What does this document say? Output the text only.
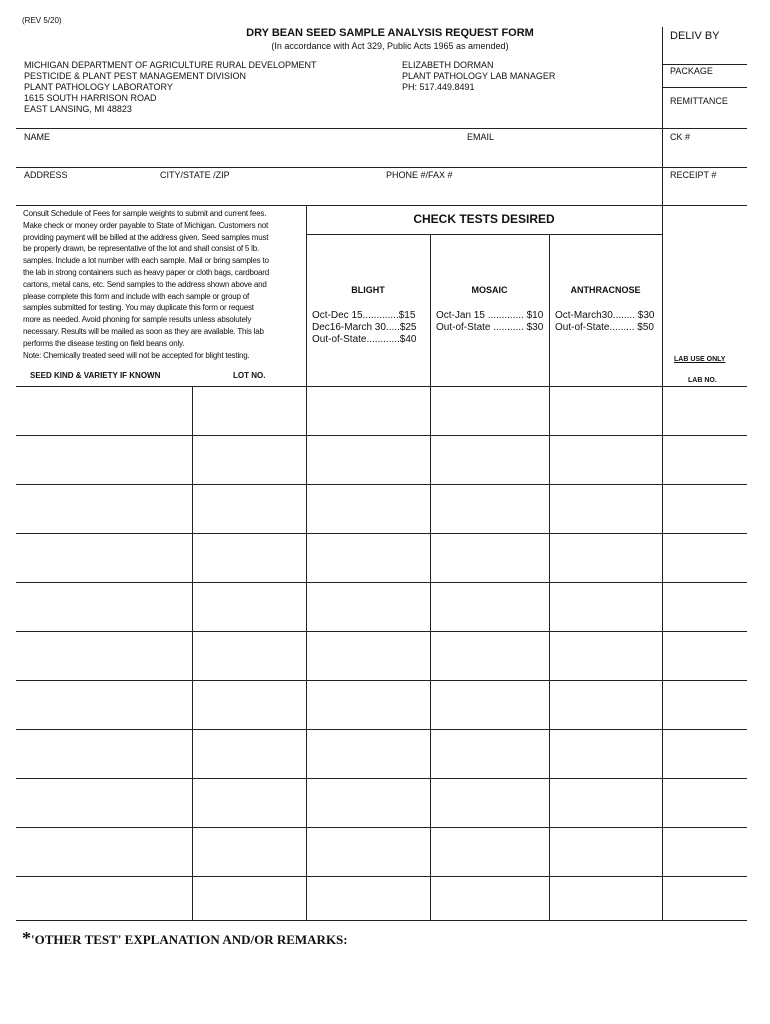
(REV 5/20)
DRY BEAN SEED SAMPLE ANALYSIS REQUEST FORM
(In accordance with Act 329, Public Acts 1965 as amended)
MICHIGAN DEPARTMENT OF AGRICULTURE RURAL DEVELOPMENT
PESTICIDE & PLANT PEST MANAGEMENT DIVISION
PLANT PATHOLOGY LABORATORY
1615 SOUTH HARRISON ROAD
EAST LANSING, MI 48823
ELIZABETH DORMAN
PLANT PATHOLOGY LAB MANAGER
PH: 517.449.8491
DELIV BY
PACKAGE
REMITTANCE
CK #
RECEIPT #
LAB USE ONLY
LAB NO.
NAME	EMAIL
ADDRESS	CITY/STATE /ZIP	PHONE #/FAX #
Consult Schedule of Fees for sample weights to submit and current fees.
Make check or money order payable to State of Michigan. Customers not
providing payment will be billed at the address given. Seed samples must
be properly drawn, be representative of the lot and shall consist of 5 lb.
samples. Include a lot number with each sample. Mail or bring samples to
the lab in strong containers such as heavy paper or cloth bags, cardboard
cartons, metal cans, etc. Send samples to the address shown above and
please complete this form and include with each sample or group of
samples submitted for testing. You may duplicate this form or request
more as needed. Avoid phoning for sample results unless absolutely
necessary. Results will be mailed as soon as they are available. This lab
performs the disease testing on field beans only.
Note: Chemically treated seed will not be accepted for blight testing.
CHECK TESTS DESIRED
BLIGHT
Oct-Dec 15.............$15
Dec16-March 30.....$25
Out-of-State............$40
MOSAIC
Oct-Jan 15 ............. $10
Out-of-State ........... $30
ANTHRACNOSE
Oct-March30........ $30
Out-of-State......... $50
SEED KIND & VARIETY IF KNOWN	LOT NO.
*'OTHER TEST' EXPLANATION AND/OR REMARKS:
